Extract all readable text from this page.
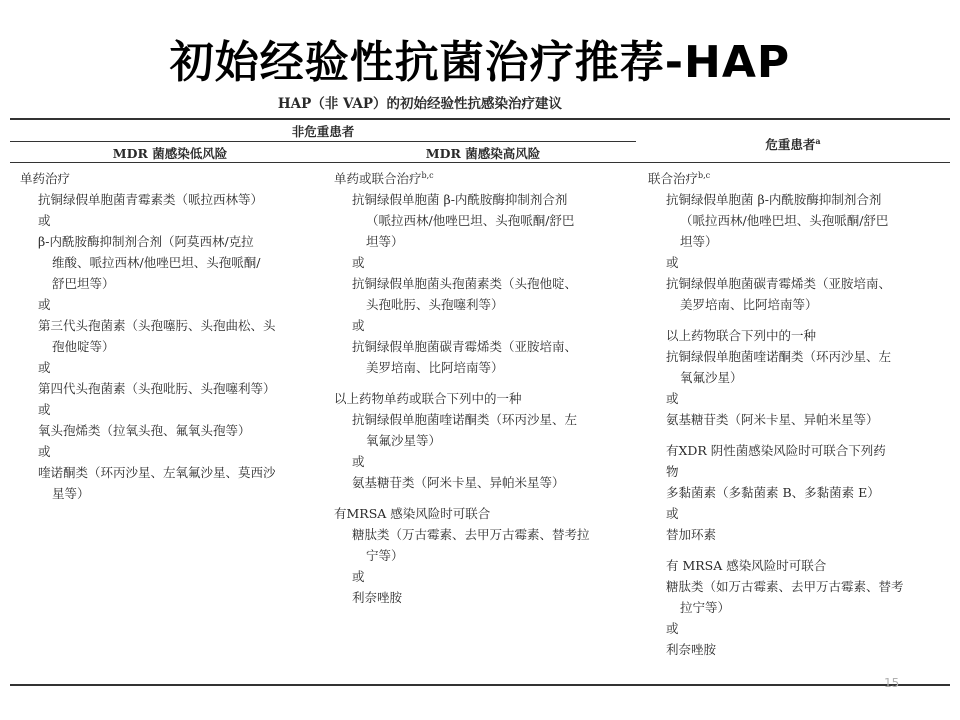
初始经验性抗菌治疗推荐-HAP
HAP（非 VAP）的初始经验性抗感染治疗建议
非危重患者
MDR 菌感染低风险	MDR 菌感染高风险
危重患者$^a$
单药治疗
抗铜绿假单胞菌青霉素类（哌拉西林等）
或
β-内酰胺酶抑制剂合剂（阿莫西林/克拉
维酸、哌拉西林/他唑巴坦、头孢哌酮/
舒巴坦等）
或
第三代头孢菌素（头孢噻肟、头孢曲松、头
孢他啶等）
或
第四代头孢菌素（头孢吡肟、头孢噻利等）
或
氧头孢烯类（拉氧头孢、氟氧头孢等）
或
喹诺酮类（环丙沙星、左氧氟沙星、莫西沙
星等）
单药或联合治疗$^{b,c}$
抗铜绿假单胞菌 β-内酰胺酶抑制剂合剂
（哌拉西林/他唑巴坦、头孢哌酮/舒巴
坦等）
或
抗铜绿假单胞菌头孢菌素类（头孢他啶、
头孢吡肟、头孢噻利等）
或
抗铜绿假单胞菌碳青霉烯类（亚胺培南、
美罗培南、比阿培南等）
以上药物单药或联合下列中的一种
抗铜绿假单胞菌喹诺酮类（环丙沙星、左
氧氟沙星等）
或
氨基糖苷类（阿米卡星、异帕米星等）
有MRSA 感染风险时可联合
糖肽类（万古霉素、去甲万古霉素、替考拉
宁等）
或
利奈唑胺
联合治疗$^{b,c}$
抗铜绿假单胞菌 β-内酰胺酶抑制剂合剂
（哌拉西林/他唑巴坦、头孢哌酮/舒巴
坦等）
或
抗铜绿假单胞菌碳青霉烯类（亚胺培南、
美罗培南、比阿培南等）
以上药物联合下列中的一种
抗铜绿假单胞菌喹诺酮类（环丙沙星、左
氧氟沙星）
或
氨基糖苷类（阿米卡星、异帕米星等）
有XDR 阴性菌感染风险时可联合下列药
物
多黏菌素（多黏菌素 B、多黏菌素 E）
或
替加环素
有 MRSA 感染风险时可联合
糖肽类（如万古霉素、去甲万古霉素、替考
拉宁等）
或
利奈唑胺
15
